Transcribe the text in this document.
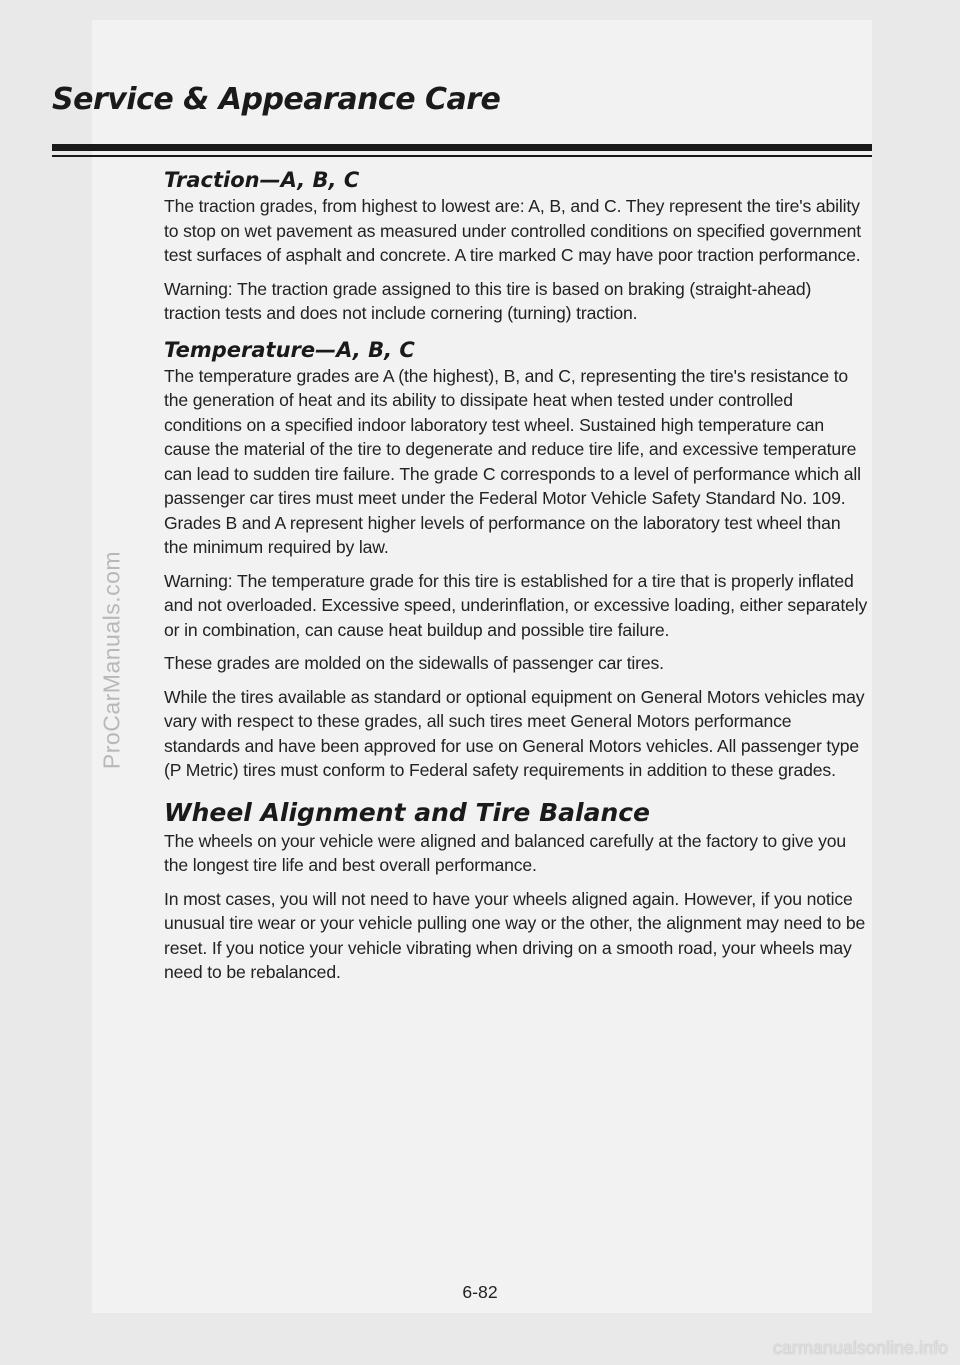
Service & Appearance Care
Traction—A, B, C

The traction grades, from highest to lowest are: A, B, and C. They represent the tire's ability to stop on wet pavement as measured under controlled conditions on specified government test surfaces of asphalt and concrete. A tire marked C may have poor traction performance.

Warning: The traction grade assigned to this tire is based on braking (straight-ahead) traction tests and does not include cornering (turning) traction.

Temperature—A, B, C

The temperature grades are A (the highest), B, and C, representing the tire's resistance to the generation of heat and its ability to dissipate heat when tested under controlled conditions on a specified indoor laboratory test wheel. Sustained high temperature can cause the material of the tire to degenerate and reduce tire life, and excessive temperature can lead to sudden tire failure. The grade C corresponds to a level of performance which all passenger car tires must meet under the Federal Motor Vehicle Safety Standard No. 109. Grades B and A represent higher levels of performance on the laboratory test wheel than the minimum required by law.

Warning: The temperature grade for this tire is established for a tire that is properly inflated and not overloaded. Excessive speed, underinflation, or excessive loading, either separately or in combination, can cause heat buildup and possible tire failure.

These grades are molded on the sidewalls of passenger car tires.

While the tires available as standard or optional equipment on General Motors vehicles may vary with respect to these grades, all such tires meet General Motors performance standards and have been approved for use on General Motors vehicles. All passenger type (P Metric) tires must conform to Federal safety requirements in addition to these grades.

Wheel Alignment and Tire Balance

The wheels on your vehicle were aligned and balanced carefully at the factory to give you the longest tire life and best overall performance.

In most cases, you will not need to have your wheels aligned again. However, if you notice unusual tire wear or your vehicle pulling one way or the other, the alignment may need to be reset. If you notice your vehicle vibrating when driving on a smooth road, your wheels may need to be rebalanced.

6-82
ProCarManuals.com
carmanualsonline.info
